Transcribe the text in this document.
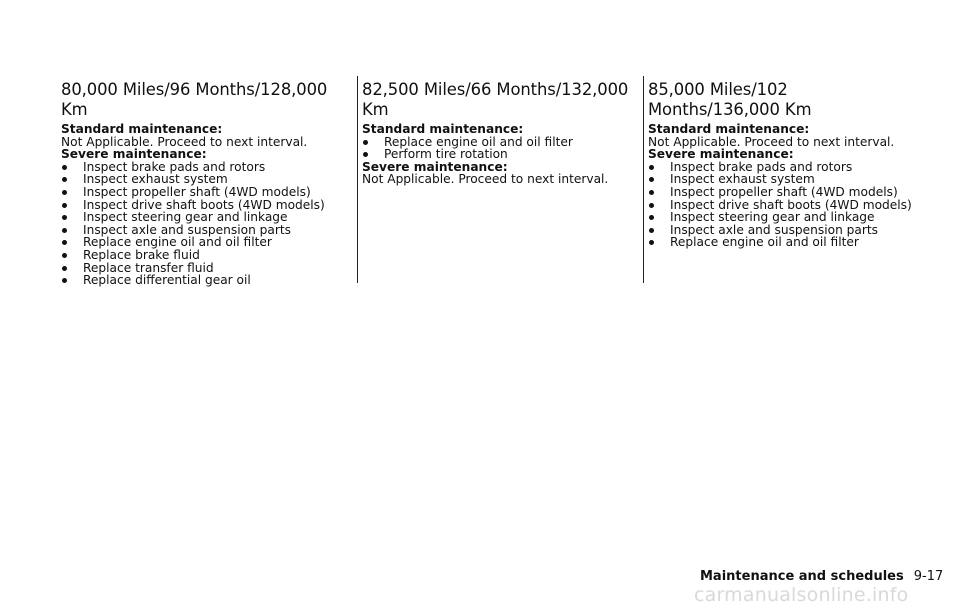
80,000 Miles/96 Months/128,000 Km
Standard maintenance:
Not Applicable. Proceed to next interval.
Severe maintenance:
Inspect brake pads and rotors
Inspect exhaust system
Inspect propeller shaft (4WD models)
Inspect drive shaft boots (4WD models)
Inspect steering gear and linkage
Inspect axle and suspension parts
Replace engine oil and oil filter
Replace brake fluid
Replace transfer fluid
Replace differential gear oil
82,500 Miles/66 Months/132,000 Km
Standard maintenance:
Replace engine oil and oil filter
Perform tire rotation
Severe maintenance:
Not Applicable. Proceed to next interval.
85,000 Miles/102 Months/136,000 Km
Standard maintenance:
Not Applicable. Proceed to next interval.
Severe maintenance:
Inspect brake pads and rotors
Inspect exhaust system
Inspect propeller shaft (4WD models)
Inspect drive shaft boots (4WD models)
Inspect steering gear and linkage
Inspect axle and suspension parts
Replace engine oil and oil filter
Maintenance and schedules 9-17
carmanualsonline.info
